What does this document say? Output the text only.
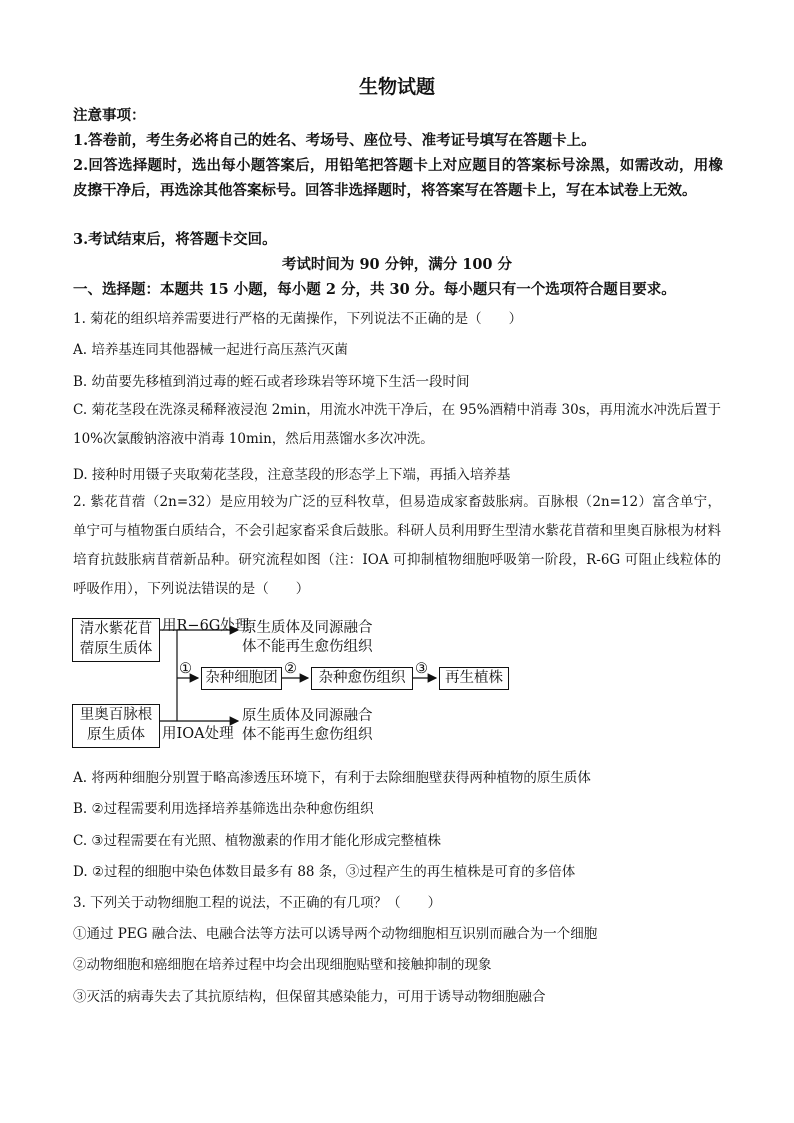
生物试题
注意事项：
1.答卷前，考生务必将自己的姓名、考场号、座位号、准考证号填写在答题卡上。
2.回答选择题时，选出每小题答案后，用铅笔把答题卡上对应题目的答案标号涂黑，如需改动，用橡皮擦干净后，再选涂其他答案标号。回答非选择题时，将答案写在答题卡上，写在本试卷上无效。
3.考试结束后，将答题卡交回。
考试时间为 90 分钟，满分 100 分
一、选择题：本题共 15 小题，每小题 2 分，共 30 分。每小题只有一个选项符合题目要求。
1. 菊花的组织培养需要进行严格的无菌操作，下列说法不正确的是（　　）
A. 培养基连同其他器械一起进行高压蒸汽灭菌
B. 幼苗要先移植到消过毒的蛭石或者珍珠岩等环境下生活一段时间
C. 菊花茎段在洗涤灵稀释液浸泡 2min，用流水冲洗干净后，在 95%酒精中消毒 30s，再用流水冲洗后置于 10%次氯酸钠溶液中消毒 10min，然后用蒸馏水多次冲洗。
D. 接种时用镊子夹取菊花茎段，注意茎段的形态学上下端，再插入培养基
2. 紫花苜蓿（2n=32）是应用较为广泛的豆科牧草，但易造成家畜鼓胀病。百脉根（2n=12）富含单宁，单宁可与植物蛋白质结合，不会引起家畜采食后鼓胀。科研人员利用野生型清水紫花苜蓿和里奥百脉根为材料培育抗鼓胀病苜蓿新品种。研究流程如图（注：IOA 可抑制植物细胞呼吸第一阶段，R-6G 可阻止线粒体的呼吸作用），下列说法错误的是（　　）
清水紫花苜
蓿原生质体
里奥百脉根
原生质体
用R−6G处理
用IOA处理
原生质体及同源融合
体不能再生愈伤组织
原生质体及同源融合
体不能再生愈伤组织
①	②	③
杂种细胞团	杂种愈伤组织	再生植株
A. 将两种细胞分别置于略高渗透压环境下，有利于去除细胞壁获得两种植物的原生质体
B. ②过程需要利用选择培养基筛选出杂种愈伤组织
C. ③过程需要在有光照、植物激素的作用才能化形成完整植株
D. ②过程的细胞中染色体数目最多有 88 条，③过程产生的再生植株是可育的多倍体
3. 下列关于动物细胞工程的说法，不正确的有几项？（　　）
①通过 PEG 融合法、电融合法等方法可以诱导两个动物细胞相互识别而融合为一个细胞
②动物细胞和癌细胞在培养过程中均会出现细胞贴壁和接触抑制的现象
③灭活的病毒失去了其抗原结构，但保留其感染能力，可用于诱导动物细胞融合
